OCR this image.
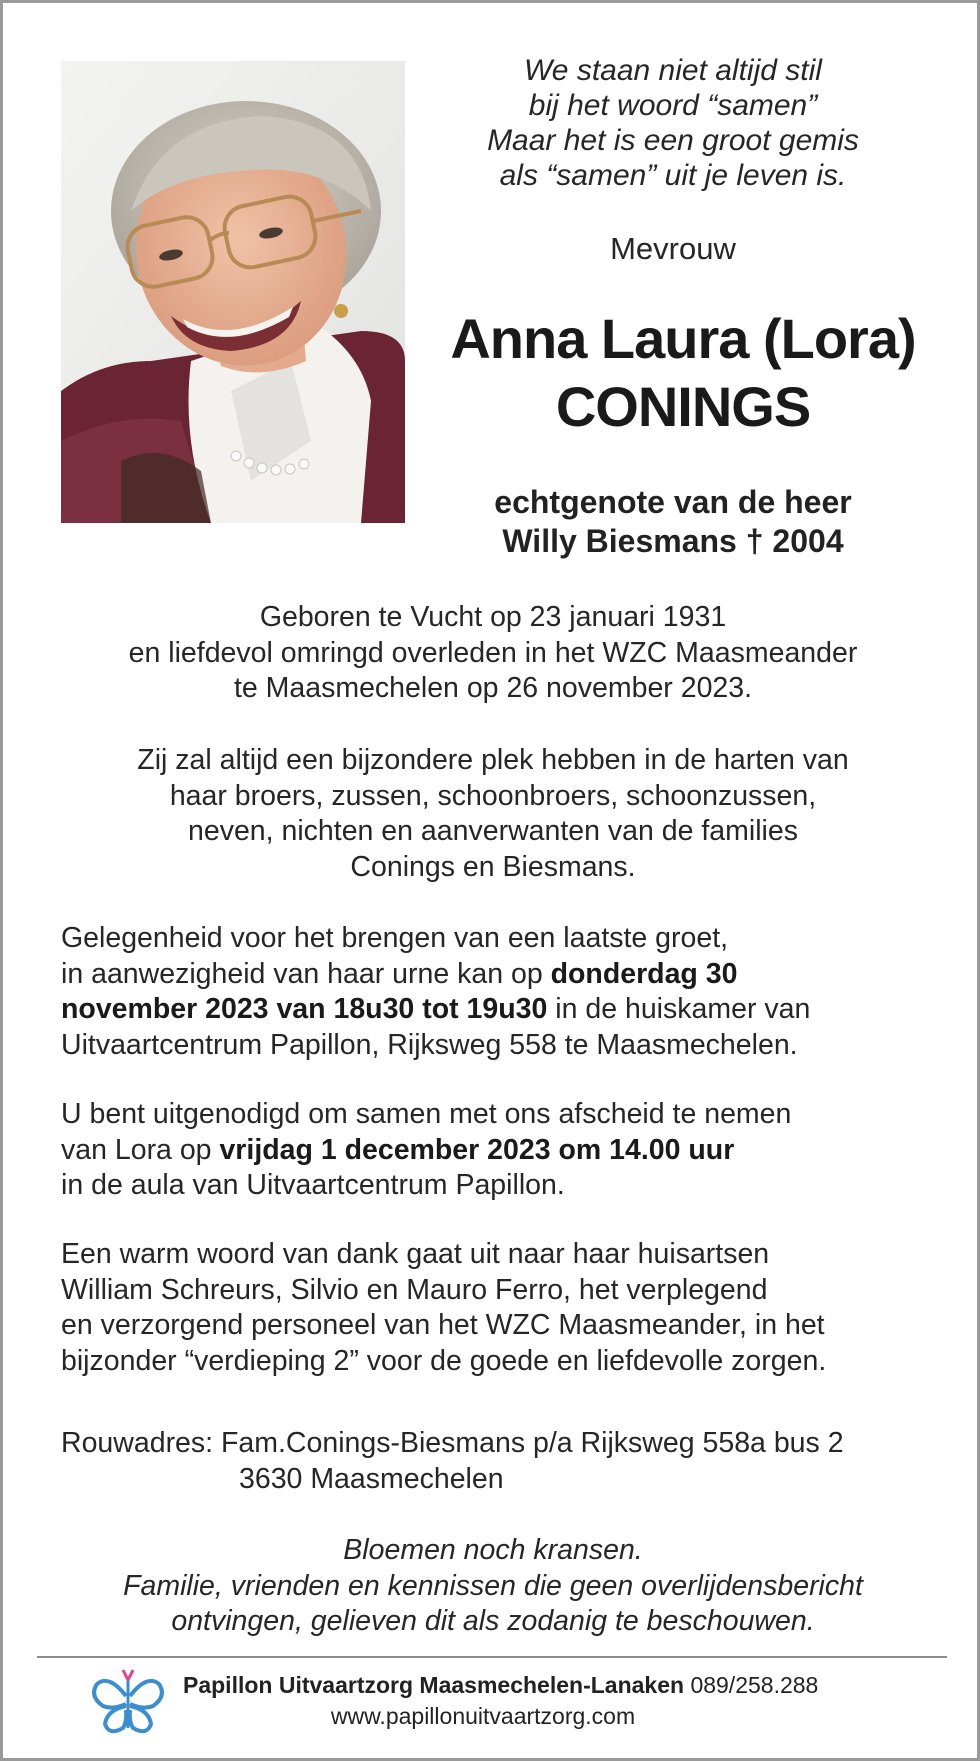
We staan niet altijd stil
bij het woord “samen”
Maar het is een groot gemis
als “samen” uit je leven is.
Mevrouw
Anna Laura (Lora)
CONINGS
echtgenote van de heer
Willy Biesmans † 2004
Geboren te Vucht op 23 januari 1931
en liefdevol omringd overleden in het WZC Maasmeander
te Maasmechelen op 26 november 2023.
Zij zal altijd een bijzondere plek hebben in de harten van
haar broers, zussen, schoonbroers, schoonzussen,
neven, nichten en aanverwanten van de families
Conings en Biesmans.
Gelegenheid voor het brengen van een laatste groet,
in aanwezigheid van haar urne kan op donderdag 30
november 2023 van 18u30 tot 19u30 in de huiskamer van
Uitvaartcentrum Papillon, Rijksweg 558 te Maasmechelen.
U bent uitgenodigd om samen met ons afscheid te nemen
van Lora op vrijdag 1 december 2023 om 14.00 uur
in de aula van Uitvaartcentrum Papillon.
Een warm woord van dank gaat uit naar haar huisartsen
William Schreurs, Silvio en Mauro Ferro, het verplegend
en verzorgend personeel van het WZC Maasmeander, in het
bijzonder “verdieping 2” voor de goede en liefdevolle zorgen.
Rouwadres: Fam.Conings-Biesmans p/a Rijksweg 558a bus 2
3630 Maasmechelen
Bloemen noch kransen.
Familie, vrienden en kennissen die geen overlijdensbericht
ontvingen, gelieven dit als zodanig te beschouwen.
Papillon Uitvaartzorg Maasmechelen-Lanaken 089/258.288
www.papillonuitvaartzorg.com
